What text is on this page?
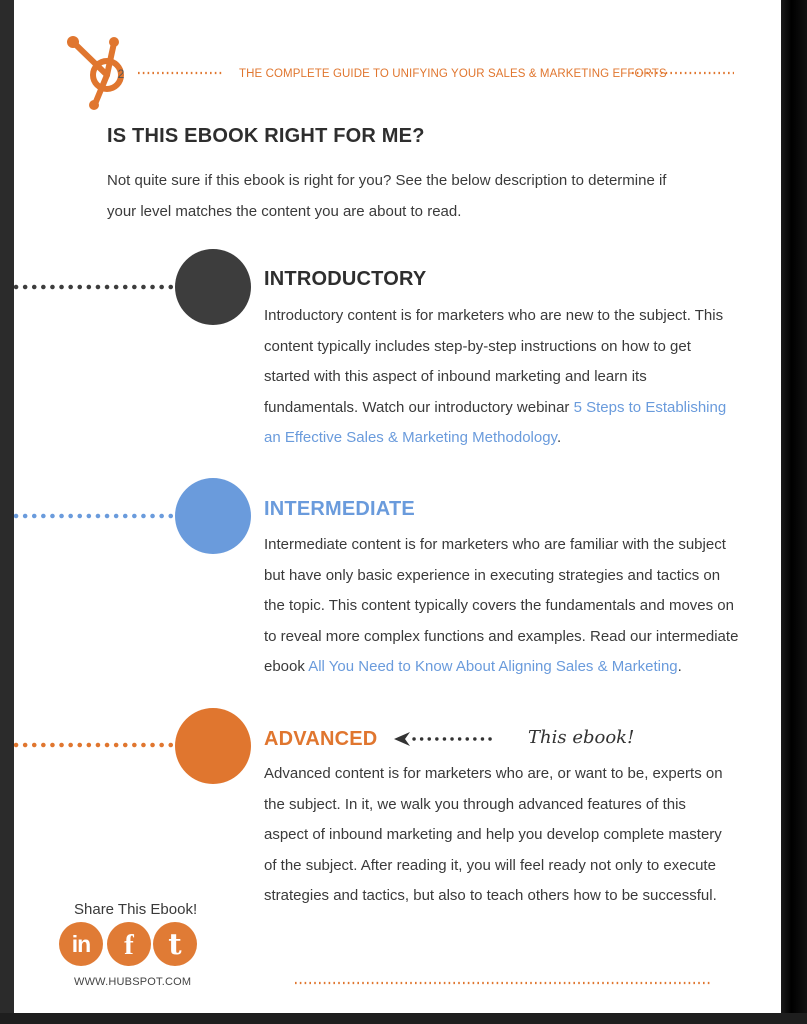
2	THE COMPLETE GUIDE TO UNIFYING YOUR SALES & MARKETING EFFORTS
IS THIS EBOOK RIGHT FOR ME?

Not quite sure if this ebook is right for you? See the below description to determine if
your level matches the content you are about to read.

INTRODUCTORY

Introductory content is for marketers who are new to the subject. This content typically includes step-by-step instructions on how to get started with this aspect of inbound marketing and learn its fundamentals. Watch our introductory webinar 5 Steps to Establishing an Effective Sales & Marketing Methodology.

INTERMEDIATE

Intermediate content is for marketers who are familiar with the subject but have only basic experience in executing strategies and tactics on the topic. This content typically covers the fundamentals and moves on to reveal more complex functions and examples. Read our intermediate ebook All You Need to Know About Aligning Sales & Marketing.

ADVANCED	This ebook!

Advanced content is for marketers who are, or want to be, experts on the subject. In it, we walk you through advanced features of this aspect of inbound marketing and help you develop complete mastery of the subject. After reading it, you will feel ready not only to execute strategies and tactics, but also to teach others how to be successful.

Share This Ebook!
in	f	t
WWW.HUBSPOT.COM
